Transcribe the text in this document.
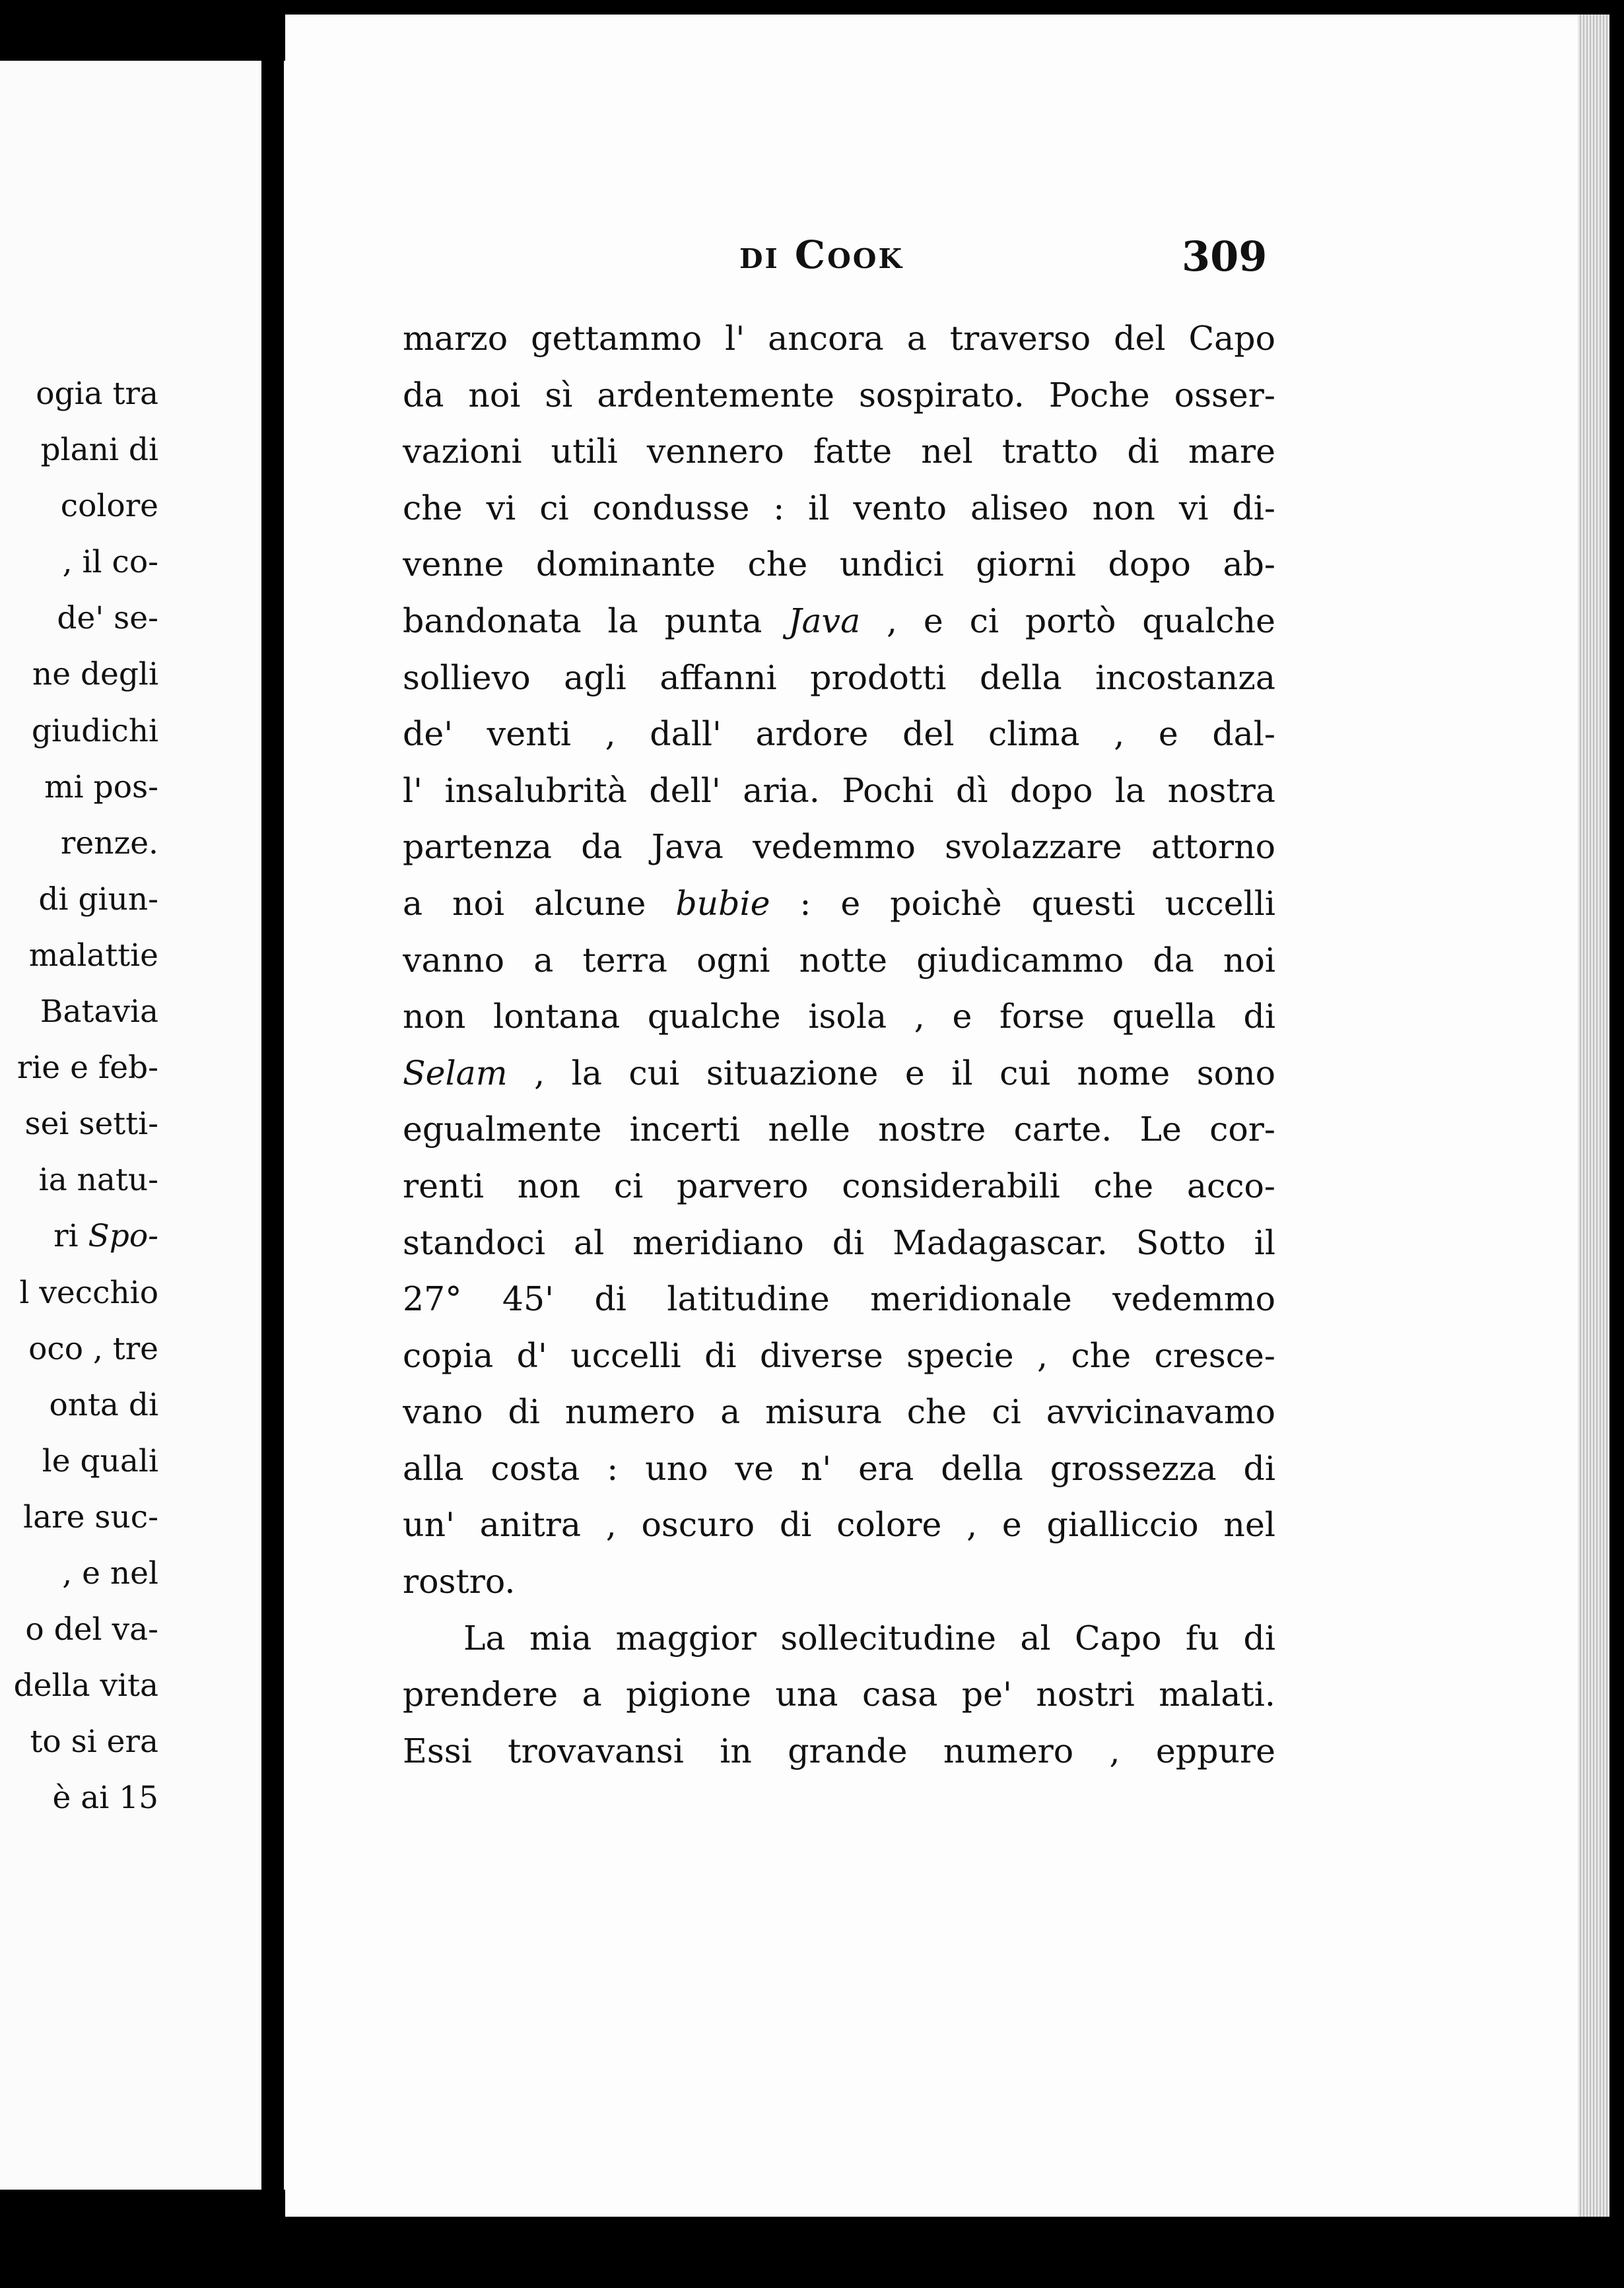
ogia tra
plani di
colore
, il co-
de' se-
ne degli
giudichi
mi pos-
renze.
di giun-
malattie
Batavia
rie e feb-
sei setti-
ia natu-
ri Spo-
l vecchio
oco , tre
onta di
le quali
lare suc-
, e nel
o del va-
della vita
to si era
è ai 15
di Cook	309
marzo gettammo l' ancora a traverso del Capo
da noi sì ardentemente sospirato. Poche osser-
vazioni utili vennero fatte nel tratto di mare
che vi ci condusse : il vento aliseo non vi di-
venne dominante che undici giorni dopo ab-
bandonata la punta Java , e ci portò qualche
sollievo agli affanni prodotti della incostanza
de' venti , dall' ardore del clima , e dal-
l' insalubrità dell' aria. Pochi dì dopo la nostra
partenza da Java vedemmo svolazzare attorno
a noi alcune bubie : e poichè questi uccelli
vanno a terra ogni notte giudicammo da noi
non lontana qualche isola , e forse quella di
Selam , la cui situazione e il cui nome sono
egualmente incerti nelle nostre carte. Le cor-
renti non ci parvero considerabili che acco-
standoci al meridiano di Madagascar. Sotto il
27° 45' di latitudine meridionale vedemmo
copia d' uccelli di diverse specie , che cresce-
vano di numero a misura che ci avvicinavamo
alla costa : uno ve n' era della grossezza di
un' anitra , oscuro di colore , e gialliccio nel
rostro.
La mia maggior sollecitudine al Capo fu di
prendere a pigione una casa pe' nostri malati.
Essi trovavansi in grande numero , eppure
